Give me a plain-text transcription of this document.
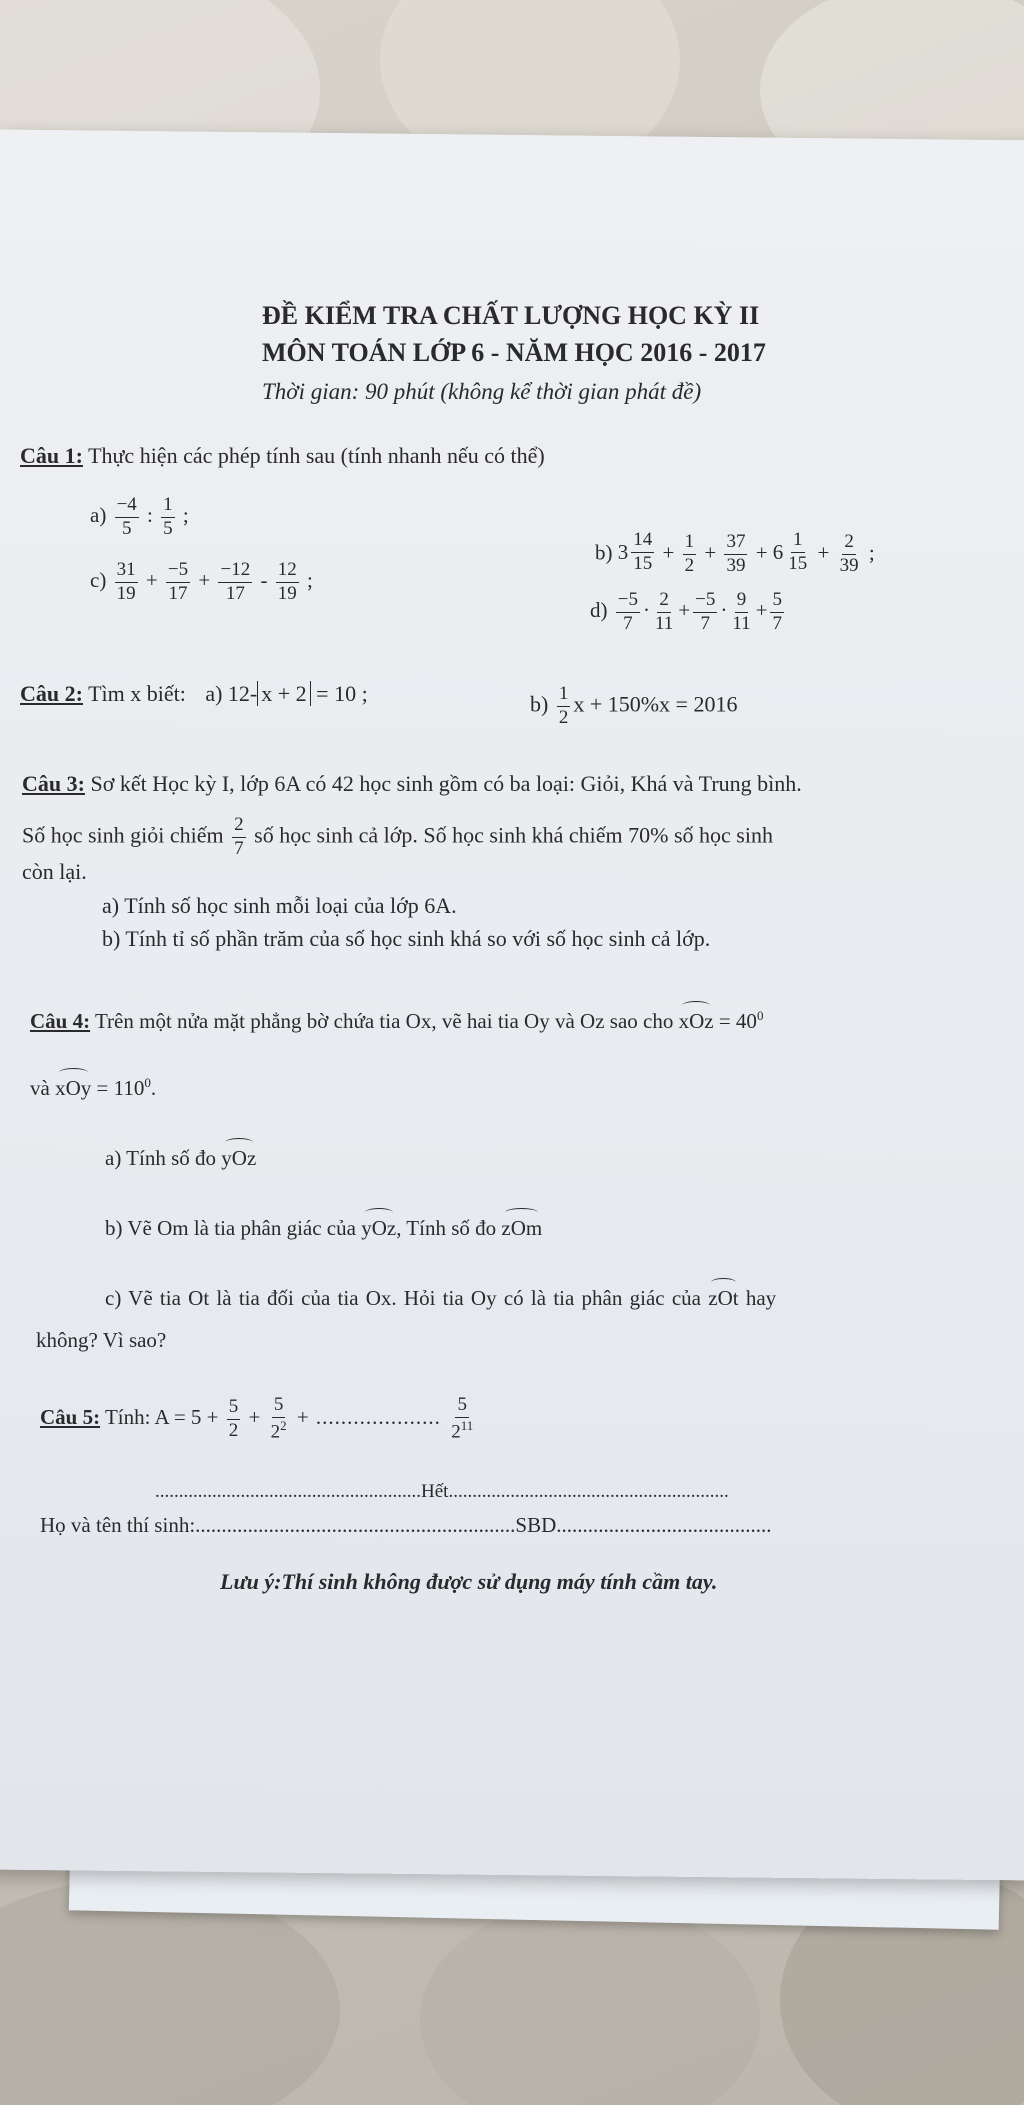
ĐỀ KIỂM TRA CHẤT LƯỢNG HỌC KỲ II
MÔN TOÁN LỚP 6 - NĂM HỌC 2016 - 2017
Thời gian: 90 phút (không kể thời gian phát đề)
Câu 1: Thực hiện các phép tính sau (tính nhanh nếu có thể)
$a) \frac{-4}{5}$ : $\frac{1}{5}$ ;
b) 3
14
$15 + \frac{1}{2} + \frac{37}{39} + 6$
1
$15 + \frac{2}{39}$ ;
$c) \frac{31}{19} + \frac{-5}{17} + \frac{-12}{17} - \frac{12}{19}$ ;
$d) \frac{-5}{7} \cdot \frac{2}{11} + \frac{-5}{7} \cdot \frac{9}{11} + \frac{5}{7}$
Câu 2: Tìm x biết: a) 12- x + 2 = 10 ;	$b) \frac{1}{2}$ x + 150%x = 2016
Câu 3: Sơ kết Học kỳ I, lớp 6A có 42 học sinh gồm có ba loại: Giỏi, Khá và Trung bình.
Số học sinh giỏi chiếm $\frac{2}{7}$ số học sinh cả lớp. Số học sinh khá chiếm 70% số học sinh
còn lại.
a) Tính số học sinh mỗi loại của lớp 6A.
b) Tính tỉ số phần trăm của số học sinh khá so với số học sinh cả lớp.
Câu 4: Trên một nửa mặt phẳng bờ chứa tia Ox, vẽ hai tia Oy và Oz sao cho xOz = $40^0$
và xOy = $110^0$.
a) Tính số đo yOz
b) Vẽ Om là tia phân giác của yOz, Tính số đo zOm
c) Vẽ tia Ot là tia đối của tia Ox. Hỏi tia Oy có là tia phân giác của zOt hay
không? Vì sao?
Câu 5: Tính: $A = 5 + \frac{5}{2} + \frac{5}{2^2}$ + .................... $\frac{5}{2^{11}}$
........................................................Hết...........................................................
Họ và tên thí sinh:.............................................................SBD.........................................
Lưu ý:Thí sinh không được sử dụng máy tính cầm tay.
